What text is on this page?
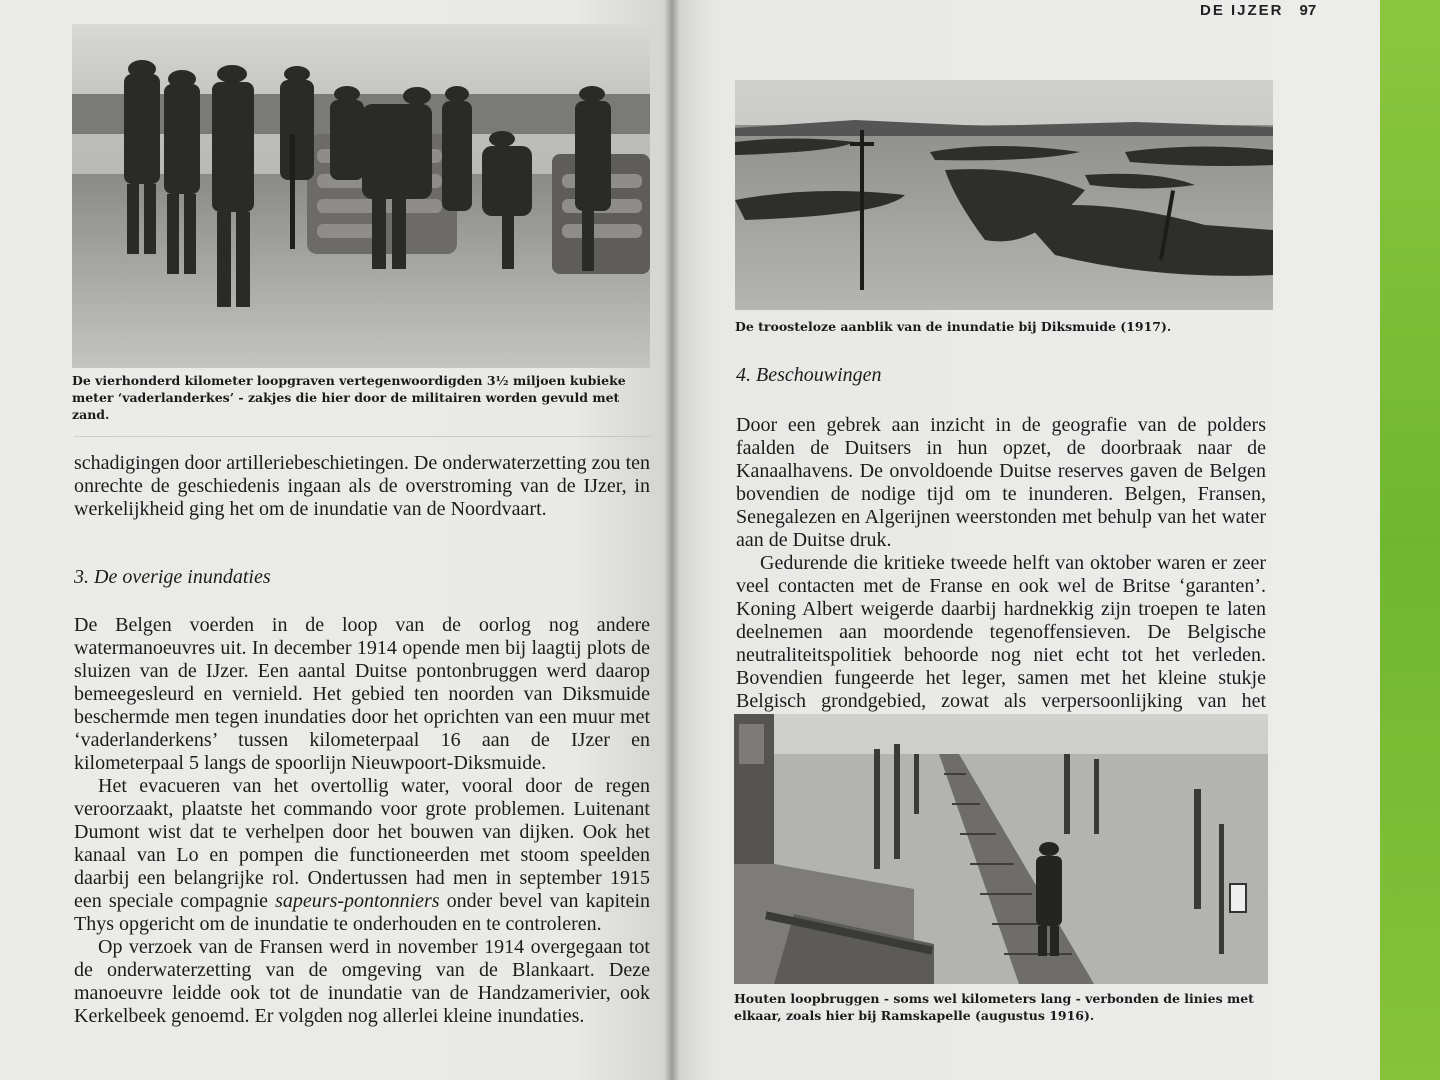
De vierhonderd kilometer loopgraven vertegenwoordigden 3½ miljoen kubieke meter ‘vaderlanderkes’ - zakjes die hier door de militairen worden gevuld met zand.

schadigingen door artilleriebeschietingen. De onderwaterzetting zou ten onrechte de geschiedenis ingaan als de overstroming van de IJzer, in werkelijkheid ging het om de inundatie van de Noordvaart.

3. De overige inundaties

De Belgen voerden in de loop van de oorlog nog andere watermanoeuvres uit. In december 1914 opende men bij laagtij plots de sluizen van de IJzer. Een aantal Duitse pontonbruggen werd daarop bemeegesleurd en vernield. Het gebied ten noorden van Diksmuide beschermde men tegen inundaties door het oprichten van een muur met ‘vaderlanderkens’ tussen kilometerpaal 16 aan de IJzer en kilometerpaal 5 langs de spoorlijn Nieuwpoort-Diksmuide.

Het evacueren van het overtollig water, vooral door de regen veroorzaakt, plaatste het commando voor grote problemen. Luitenant Dumont wist dat te verhelpen door het bouwen van dijken. Ook het kanaal van Lo en pompen die functioneerden met stoom speelden daarbij een belangrijke rol. Ondertussen had men in september 1915 een speciale compagnie sapeurs-pontonniers onder bevel van kapitein Thys opgericht om de inundatie te onderhouden en te controleren.

Op verzoek van de Fransen werd in november 1914 overgegaan tot de onderwaterzetting van de omgeving van de Blankaart. Deze manoeuvre leidde ook tot de inundatie van de Handzamerivier, ook Kerkelbeek genoemd. Er volgden nog allerlei kleine inundaties.

DE IJZER 97
De troosteloze aanblik van de inundatie bij Diksmuide (1917).
4. Beschouwingen

Door een gebrek aan inzicht in de geografie van de polders faalden de Duitsers in hun opzet, de doorbraak naar de Kanaalhavens. De onvoldoende Duitse reserves gaven de Belgen bovendien de nodige tijd om te inunderen. Belgen, Fransen, Senegalezen en Algerijnen weerstonden met behulp van het water aan de Duitse druk.

Gedurende die kritieke tweede helft van oktober waren er zeer veel contacten met de Franse en ook wel de Britse ‘garanten’. Koning Albert weigerde daarbij hardnekkig zijn troepen te laten deelnemen aan moordende tegenoffensieven. De Belgische neutraliteitspolitiek behoorde nog niet echt tot het verleden. Bovendien fungeerde het leger, samen met het kleine stukje Belgisch grondgebied, zowat als verpersoonlijking van het

Houten loopbruggen - soms wel kilometers lang - verbonden de linies met elkaar, zoals hier bij Ramskapelle (augustus 1916).
